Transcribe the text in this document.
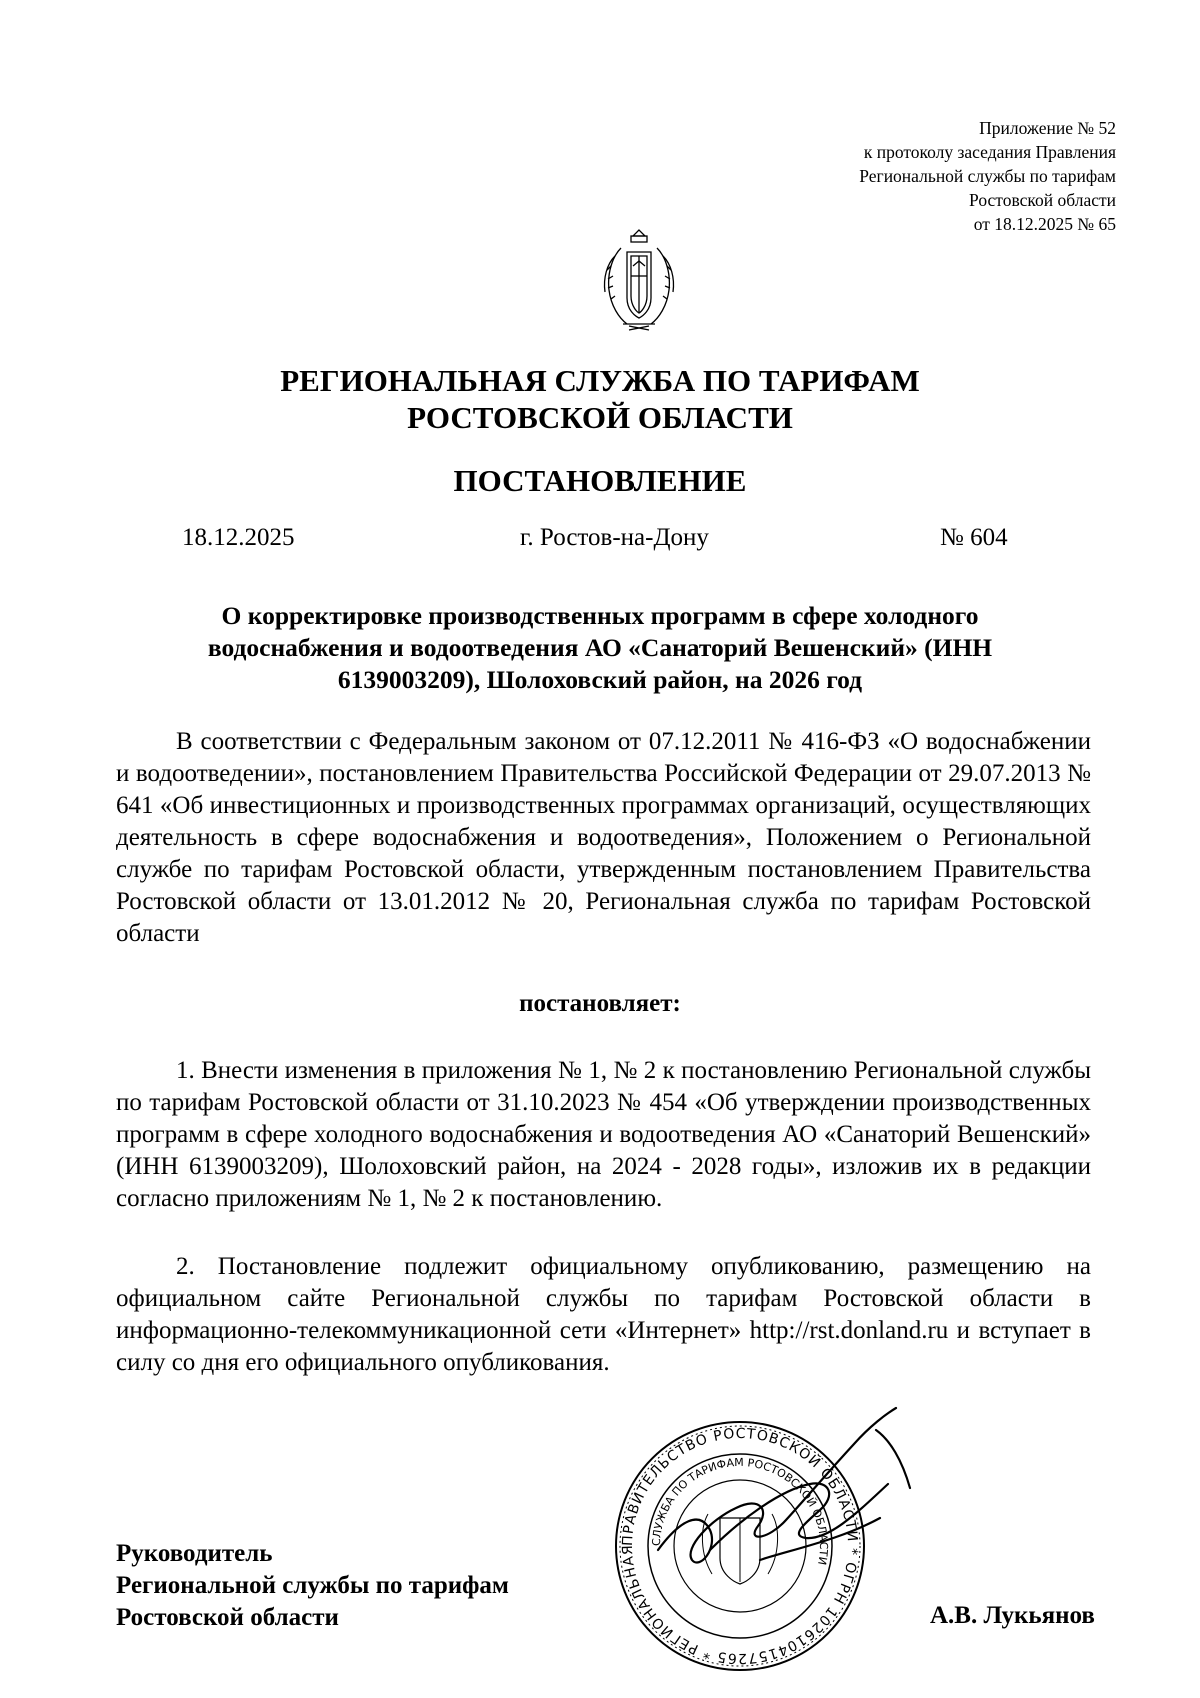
Приложение № 52
к протоколу заседания Правления
Региональной службы по тарифам
Ростовской области
от 18.12.2025 № 65
РЕГИОНАЛЬНАЯ СЛУЖБА ПО ТАРИФАМ
РОСТОВСКОЙ ОБЛАСТИ
ПОСТАНОВЛЕНИЕ
18.12.2025	г. Ростов-на-Дону	№ 604
О корректировке производственных программ в сфере холодного
водоснабжения и водоотведения АО «Санаторий Вешенский» (ИНН
6139003209), Шолоховский район, на 2026 год
В соответствии с Федеральным законом от 07.12.2011 № 416-ФЗ «О водоснабжении и водоотведении», постановлением Правительства Российской Федерации от 29.07.2013 № 641 «Об инвестиционных и производственных программах организаций, осуществляющих деятельность в сфере водоснабжения и водоотведения», Положением о Региональной службе по тарифам Ростовской области, утвержденным постановлением Правительства Ростовской области от 13.01.2012 № 20, Региональная служба по тарифам Ростовской области
постановляет:
1. Внести изменения в приложения № 1, № 2 к постановлению Региональной службы по тарифам Ростовской области от 31.10.2023 № 454 «Об утверждении производственных программ в сфере холодного водоснабжения и водоотведения АО «Санаторий Вешенский» (ИНН 6139003209), Шолоховский район, на 2024 - 2028 годы», изложив их в редакции согласно приложениям № 1, № 2 к постановлению.
2. Постановление подлежит официальному опубликованию, размещению на официальном сайте Региональной службы по тарифам Ростовской области в информационно-телекоммуникационной сети «Интернет» http://rst.donland.ru и вступает в силу со дня его официального опубликования.
ПРАВИТЕЛЬСТВО РОСТОВСКОЙ ОБЛАСТИ * ОГРН 1026104157265 * РЕГИОНАЛЬНАЯ
СЛУЖБА ПО ТАРИФАМ РОСТОВСКОЙ ОБЛАСТИ
Руководитель
Региональной службы по тарифам
Ростовской области	А.В. Лукьянов
